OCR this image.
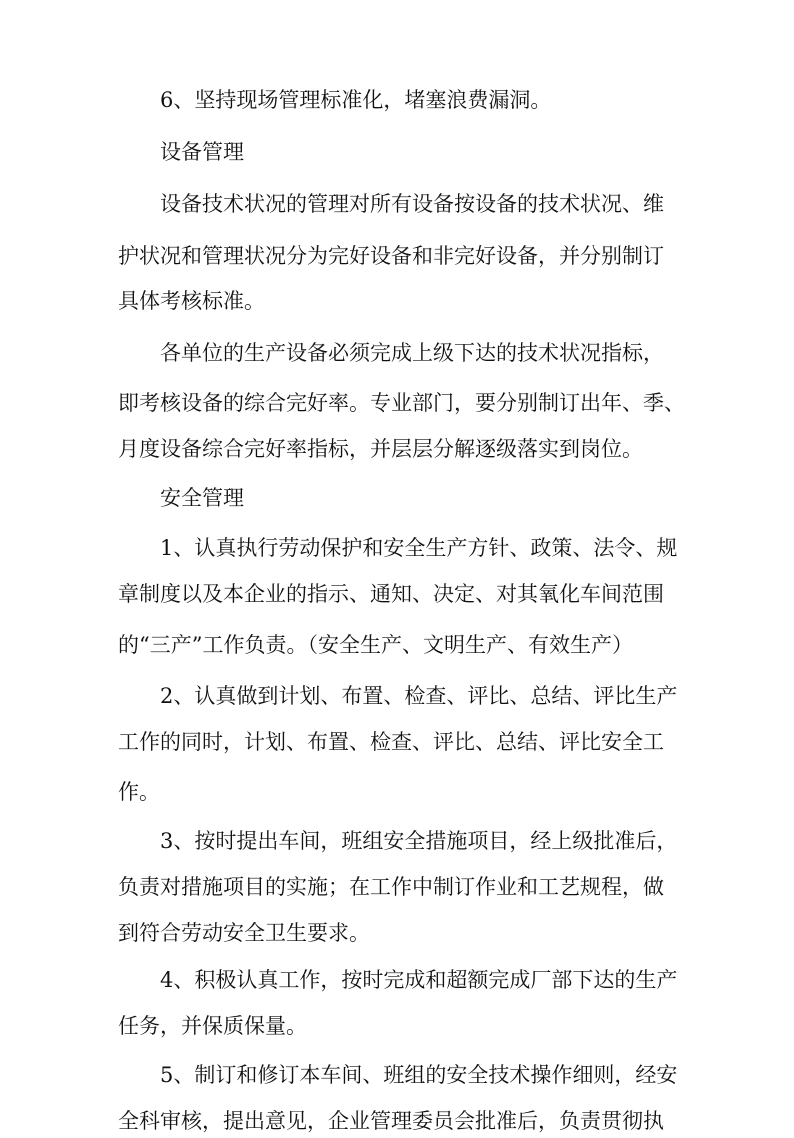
6、坚持现场管理标准化，堵塞浪费漏洞。
设备管理
设备技术状况的管理对所有设备按设备的技术状况、维
护状况和管理状况分为完好设备和非完好设备，并分别制订
具体考核标准。
各单位的生产设备必须完成上级下达的技术状况指标，
即考核设备的综合完好率。专业部门，要分别制订出年、季、
月度设备综合完好率指标，并层层分解逐级落实到岗位。
安全管理
1、认真执行劳动保护和安全生产方针、政策、法令、规
章制度以及本企业的指示、通知、决定、对其氧化车间范围
的“三产”工作负责。（安全生产、文明生产、有效生产）
2、认真做到计划、布置、检查、评比、总结、评比生产
工作的同时，计划、布置、检查、评比、总结、评比安全工
作。
3、按时提出车间，班组安全措施项目，经上级批准后，
负责对措施项目的实施；在工作中制订作业和工艺规程，做
到符合劳动安全卫生要求。
4、积极认真工作，按时完成和超额完成厂部下达的生产
任务，并保质保量。
5、制订和修订本车间、班组的安全技术操作细则，经安
全科审核，提出意见，企业管理委员会批准后，负责贯彻执
